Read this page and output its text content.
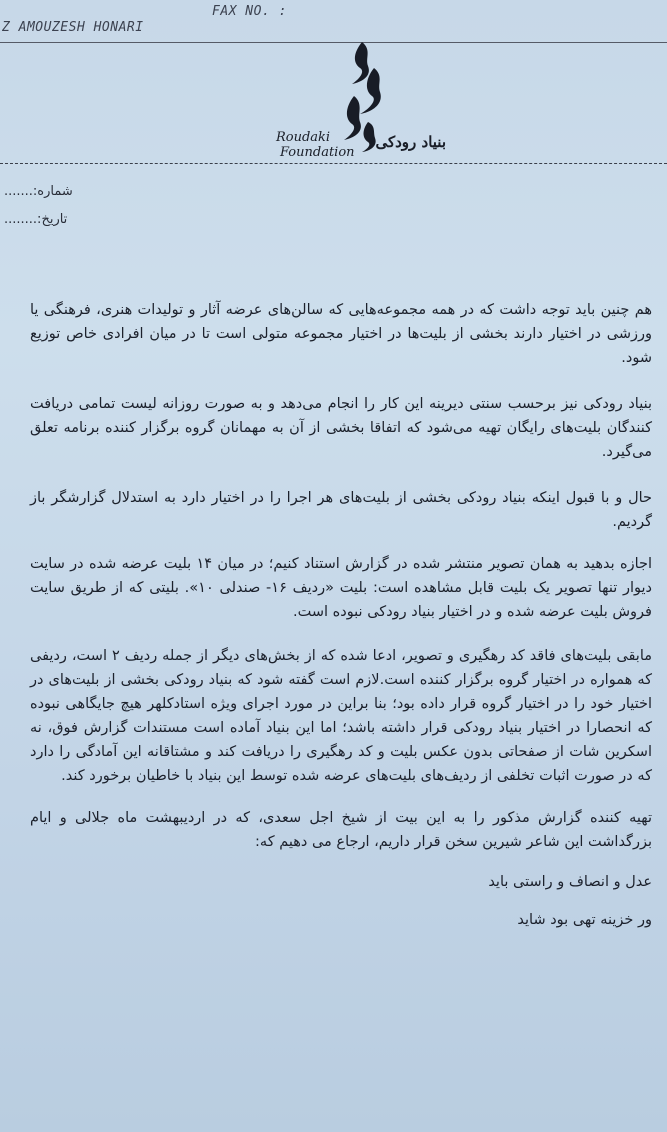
Z AMOUZESH HONARI
FAX NO. :
Roudaki
Foundation
بنیاد رودکی
شماره:.......
تاریخ:........

هم چنین باید توجه داشت که در همه مجموعه‌هایی که سالن‌های عرضه آثار و تولیدات هنری، فرهنگی یا ورزشی در اختیار دارند بخشی از بلیت‌ها در اختیار مجموعه متولی است تا در میان افرادی خاص توزیع شود.

بنیاد رودکی نیز برحسب سنتی دیرینه این کار را انجام می‌دهد و به صورت روزانه لیست تمامی دریافت کنندگان بلیت‌های رایگان تهیه می‌شود که اتفاقا بخشی از آن به مهمانان گروه برگزار کننده برنامه تعلق می‌گیرد.

حال و با قبول اینکه بنیاد رودکی بخشی از بلیت‌های هر اجرا را در اختیار دارد به استدلال گزارشگر باز گردیم.

اجازه بدهید به همان تصویر منتشر شده در گزارش استناد کنیم؛ در میان ۱۴ بلیت عرضه شده در سایت دیوار تنها تصویر یک بلیت قابل مشاهده است: بلیت «ردیف ۱۶- صندلی ۱۰». بلیتی که از طریق سایت فروش بلیت عرضه شده و در اختیار بنیاد رودکی نبوده است.

مابقی بلیت‌های فاقد کد رهگیری و تصویر، ادعا شده که از بخش‌های دیگر از جمله ردیف ۲ است، ردیفی که همواره در اختیار گروه برگزار کننده است.لازم است گفته شود که بنیاد رودکی بخشی از بلیت‌های در اختیار خود را در اختیار گروه قرار داده بود؛ بنا براین در مورد اجرای ویژه استادکلهر هیچ جایگاهی نبوده که انحصارا در اختیار بنیاد رودکی قرار داشته باشد؛ اما این بنیاد آماده است مستندات گزارش فوق، نه اسکرین شات از صفحاتی بدون عکس بلیت و کد رهگیری را دریافت کند و مشتاقانه این آمادگی را دارد که در صورت اثبات تخلفی از ردیف‌های بلیت‌های عرضه شده توسط این بنیاد با خاطیان برخورد کند.

تهیه کننده گزارش مذکور را به این بیت از شیخ اجل سعدی، که در اردیبهشت ماه جلالی و ایام بزرگداشت این شاعر شیرین سخن قرار داریم، ارجاع می دهیم که:

عدل و انصاف و راستی باید

ور خزینه تهی بود شاید
